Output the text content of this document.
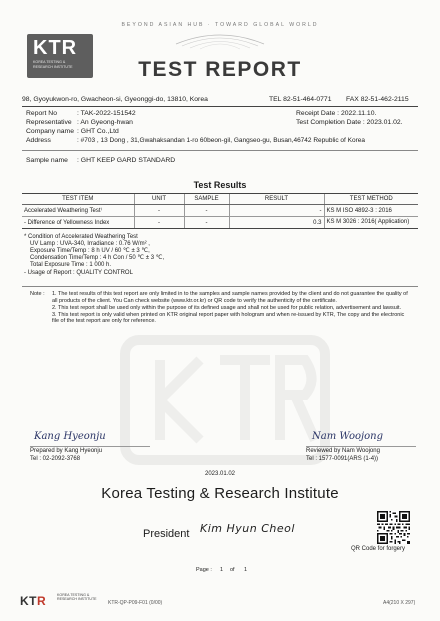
BEYOND ASIAN HUB · TOWARD GLOBAL WORLD
KTR
KOREA TESTING &
RESEARCH INSTITUTE	TEST REPORT
98, Gyoyukwon-ro, Gwacheon-si, Gyeonggi-do, 13810, Korea	TEL 82-51-464-0771 FAX 82-51-462-2115
Report No	: TAK-2022-151542	Receipt Date : 2022.11.10.
Representative : An Gyeong-hwan	Test Completion Date : 2023.01.02.
Company name : GHT Co.,Ltd
Address	: #703 , 13 Dong , 31,Gwahaksandan 1-ro 60beon-gil, Gangseo-gu, Busan,46742 Republic of Korea
Sample name : GHT KEEP GARD STANDARD
Test Results
TEST ITEM	UNIT	SAMPLE	RESULT	TEST METHOD
Accelerated Weathering Test⁾	-	-	-	KS M ISO 4892-3 : 2016
- Difference of Yellowness Index	-	-	0.3	KS M 3026 : 2016( Application)
* Condition of Accelerated Weathering Test
UV Lamp : UVA-340, Irradiance : 0.76 W/m² ,
Exposure Time/Temp : 8 h UV / 60 ℃ ± 3 ℃,
Condensation Time/Temp : 4 h Con / 50 ℃ ± 3 ℃,
Total Exposure Time : 1 000 h.
- Usage of Report : QUALITY CONTROL
Note : 1. The test results of this test report are only limited in to the samples and sample names provided by the client and do not guarantee the quality of all products of the client. You Can check website (www.ktr.or.kr) or QR code to verify the authenticity of the certificate.
2. This test report shall be used only within the purpose of its defined usage and shall not be used for public relation, advertisement and lawsuit.
3. This test report is only valid when printed on KTR original report paper with hologram and when re-issued by KTR, The copy and the electronic file of the test report are only for reference.
Kang Hyeonju
Prepared by Kang Hyeonju
Tel : 02-2092-3768
Nam Woojong
Reviewed by Nam Woojong
Tel : 1577-0091(ARS (1-4))
2023.01.02
Korea Testing & Research Institute
President Kim Hyun Cheol
QR Code for forgery
Page : 1 of 1
KTR	KOREA TESTING &
RESEARCH INSTITUTE
KTR-QP-P09-F01 (0/00)	A4(210 X 297)
